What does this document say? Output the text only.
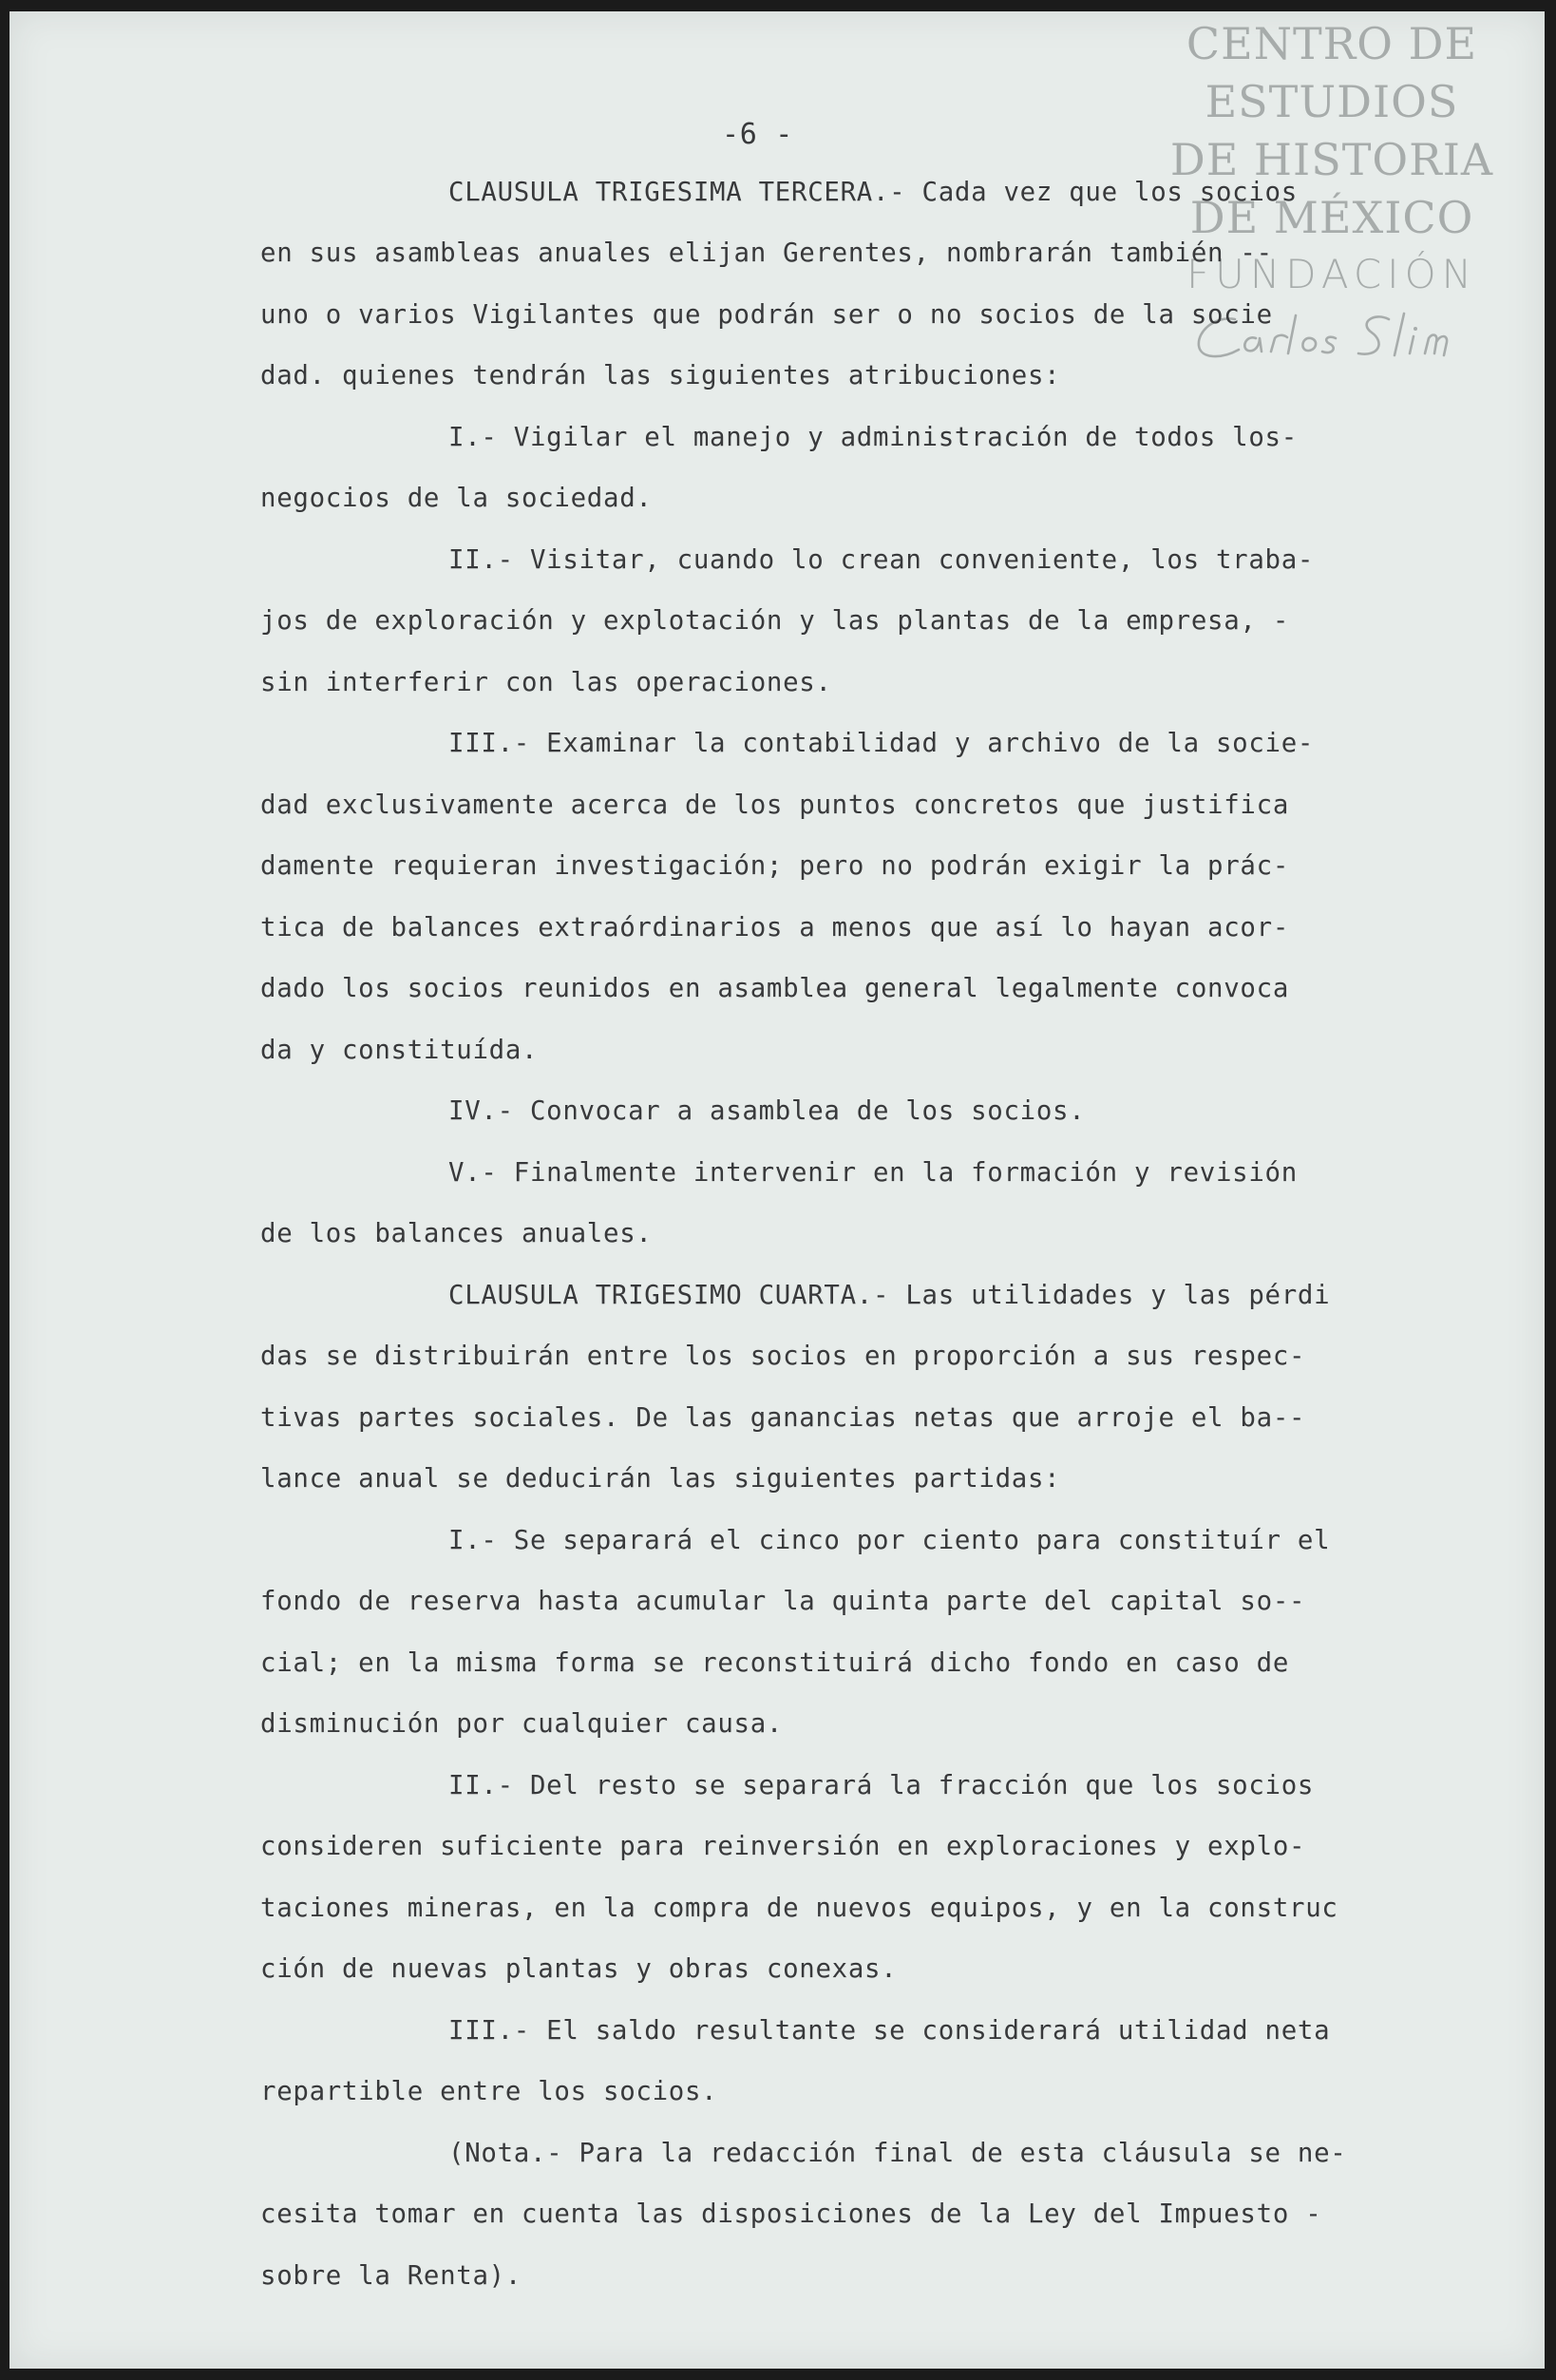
CENTRO DE
ESTUDIOS
DE HISTORIA
DE MÉXICO
FUNDACIÓN
-6 -
CLAUSULA TRIGESIMA TERCERA.- Cada vez que los socios
en sus asambleas anuales elijan Gerentes, nombrarán también --
uno o varios Vigilantes que podrán ser o no socios de la socie
dad. quienes tendrán las siguientes atribuciones:
I.- Vigilar el manejo y administración de todos los-
negocios de la sociedad.
II.- Visitar, cuando lo crean conveniente, los traba-
jos de exploración y explotación y las plantas de la empresa, -
sin interferir con las operaciones.
III.- Examinar la contabilidad y archivo de la socie-
dad exclusivamente acerca de los puntos concretos que justifica
damente requieran investigación; pero no podrán exigir la prác-
tica de balances extraórdinarios a menos que así lo hayan acor-
dado los socios reunidos en asamblea general legalmente convoca
da y constituída.
IV.- Convocar a asamblea de los socios.
V.- Finalmente intervenir en la formación y revisión
de los balances anuales.
CLAUSULA TRIGESIMO CUARTA.- Las utilidades y las pérdi
das se distribuirán entre los socios en proporción a sus respec-
tivas partes sociales. De las ganancias netas que arroje el ba--
lance anual se deducirán las siguientes partidas:
I.- Se separará el cinco por ciento para constituír el
fondo de reserva hasta acumular la quinta parte del capital so--
cial; en la misma forma se reconstituirá dicho fondo en caso de
disminución por cualquier causa.
II.- Del resto se separará la fracción que los socios
consideren suficiente para reinversión en exploraciones y explo-
taciones mineras, en la compra de nuevos equipos, y en la construc
ción de nuevas plantas y obras conexas.
III.- El saldo resultante se considerará utilidad neta
repartible entre los socios.
(Nota.- Para la redacción final de esta cláusula se ne-
cesita tomar en cuenta las disposiciones de la Ley del Impuesto -
sobre la Renta).
